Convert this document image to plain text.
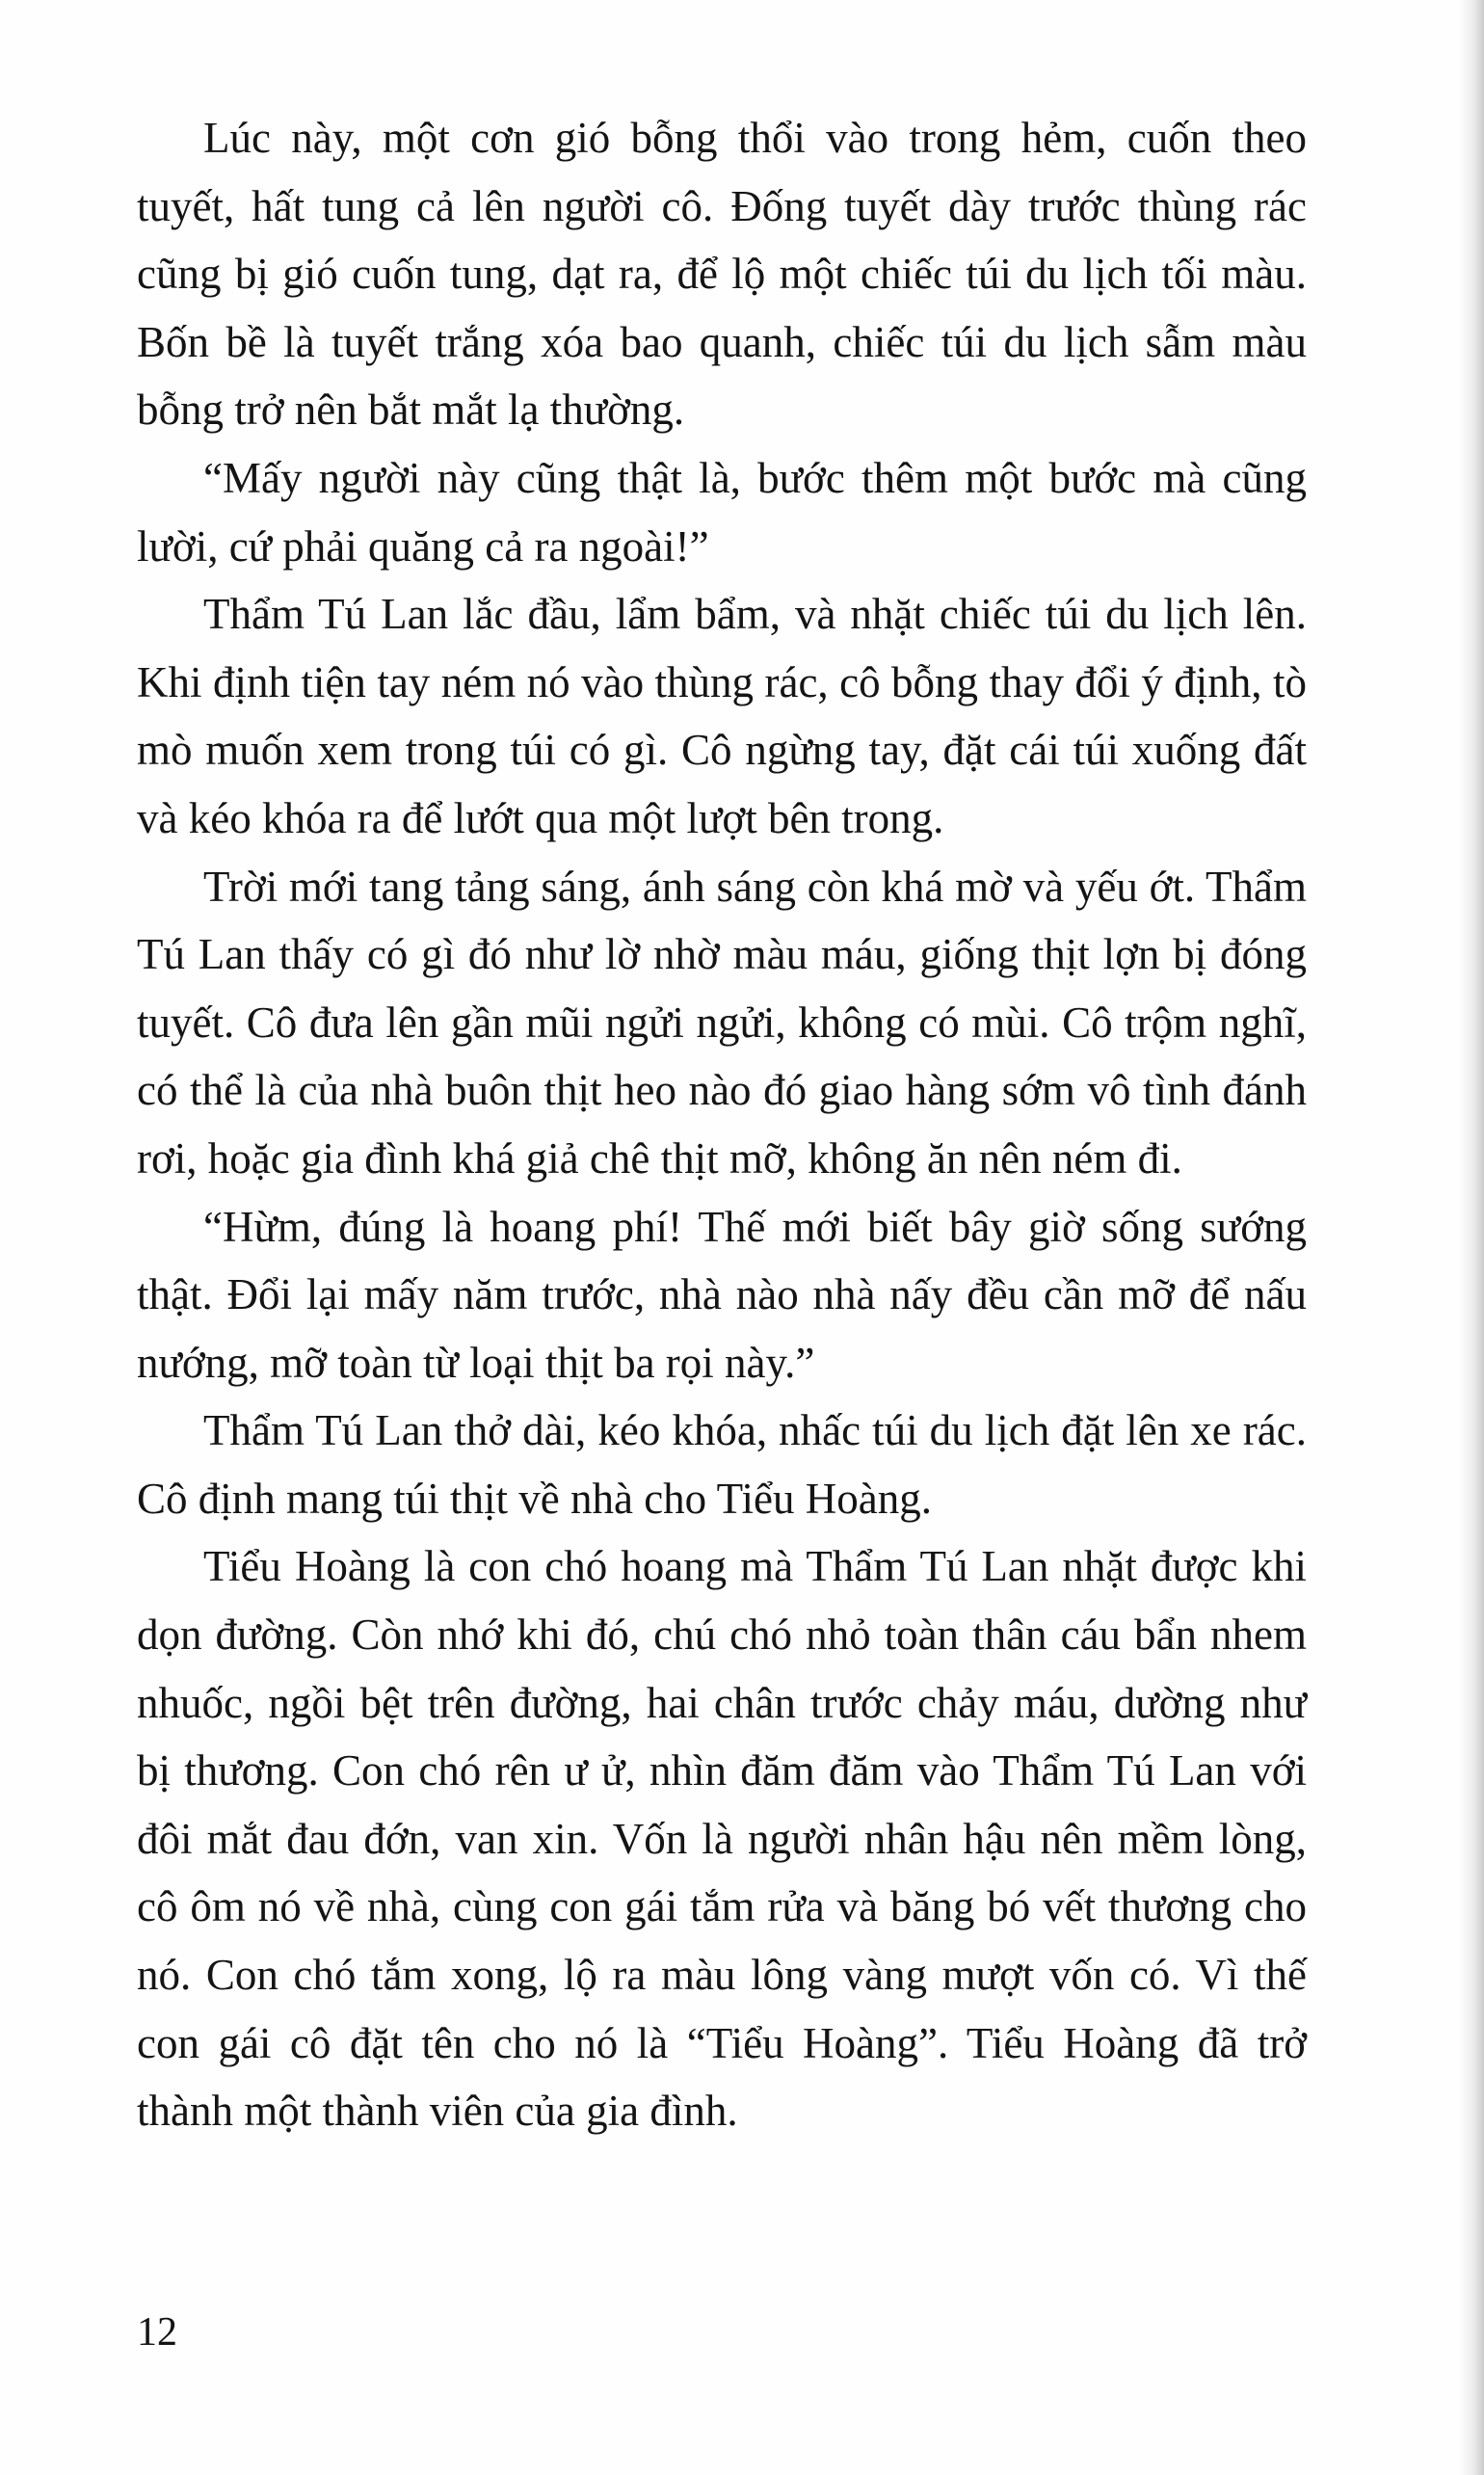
Lúc này, một cơn gió bỗng thổi vào trong hẻm, cuốn theo tuyết, hất tung cả lên người cô. Đống tuyết dày trước thùng rác cũng bị gió cuốn tung, dạt ra, để lộ một chiếc túi du lịch tối màu. Bốn bề là tuyết trắng xóa bao quanh, chiếc túi du lịch sẫm màu bỗng trở nên bắt mắt lạ thường.

“Mấy người này cũng thật là, bước thêm một bước mà cũng lười, cứ phải quăng cả ra ngoài!”

Thẩm Tú Lan lắc đầu, lẩm bẩm, và nhặt chiếc túi du lịch lên. Khi định tiện tay ném nó vào thùng rác, cô bỗng thay đổi ý định, tò mò muốn xem trong túi có gì. Cô ngừng tay, đặt cái túi xuống đất và kéo khóa ra để lướt qua một lượt bên trong.

Trời mới tang tảng sáng, ánh sáng còn khá mờ và yếu ớt. Thẩm Tú Lan thấy có gì đó như lờ nhờ màu máu, giống thịt lợn bị đóng tuyết. Cô đưa lên gần mũi ngửi ngửi, không có mùi. Cô trộm nghĩ, có thể là của nhà buôn thịt heo nào đó giao hàng sớm vô tình đánh rơi, hoặc gia đình khá giả chê thịt mỡ, không ăn nên ném đi.

“Hừm, đúng là hoang phí! Thế mới biết bây giờ sống sướng thật. Đổi lại mấy năm trước, nhà nào nhà nấy đều cần mỡ để nấu nướng, mỡ toàn từ loại thịt ba rọi này.”

Thẩm Tú Lan thở dài, kéo khóa, nhấc túi du lịch đặt lên xe rác. Cô định mang túi thịt về nhà cho Tiểu Hoàng.

Tiểu Hoàng là con chó hoang mà Thẩm Tú Lan nhặt được khi dọn đường. Còn nhớ khi đó, chú chó nhỏ toàn thân cáu bẩn nhem nhuốc, ngồi bệt trên đường, hai chân trước chảy máu, dường như bị thương. Con chó rên ư ử, nhìn đăm đăm vào Thẩm Tú Lan với đôi mắt đau đớn, van xin. Vốn là người nhân hậu nên mềm lòng, cô ôm nó về nhà, cùng con gái tắm rửa và băng bó vết thương cho nó. Con chó tắm xong, lộ ra màu lông vàng mượt vốn có. Vì thế con gái cô đặt tên cho nó là “Tiểu Hoàng”. Tiểu Hoàng đã trở thành một thành viên của gia đình.

12
